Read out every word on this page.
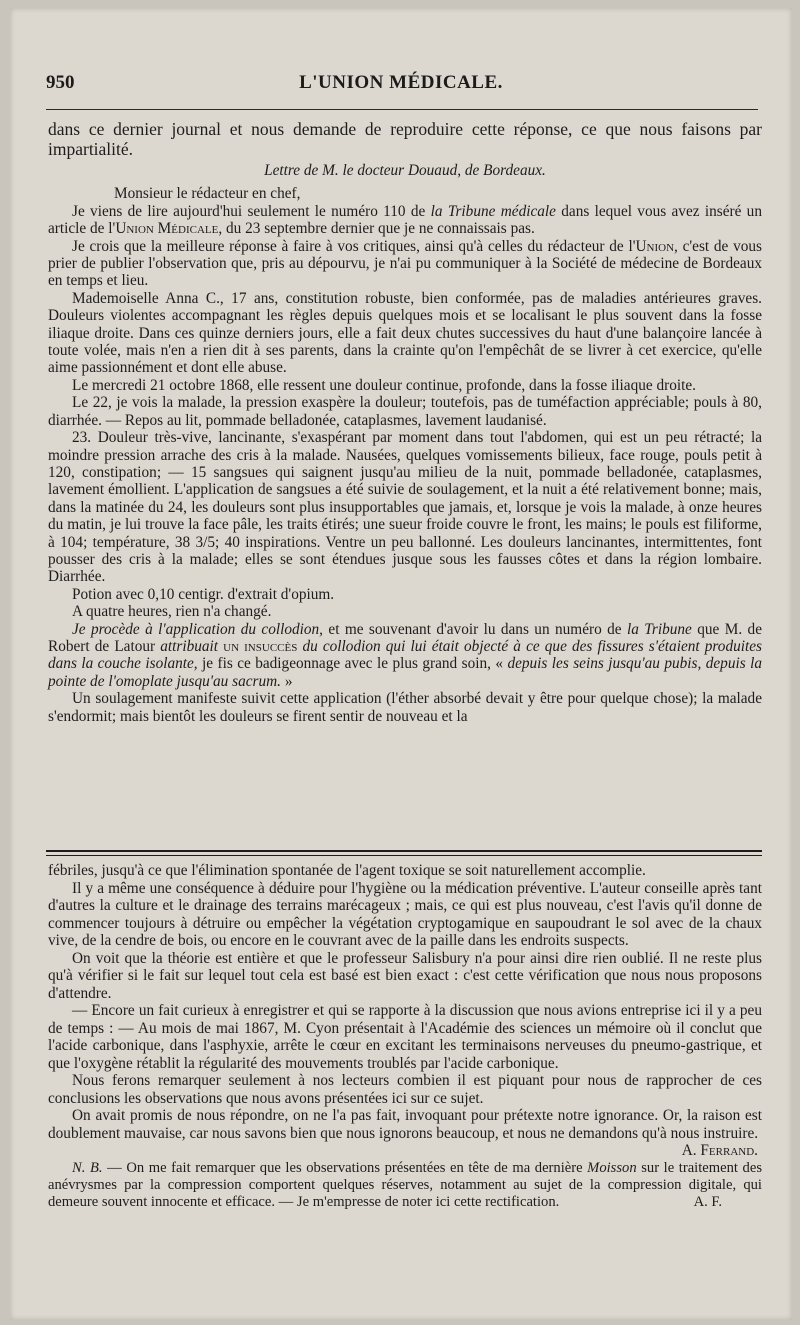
950	L'UNION MÉDICALE.

dans ce dernier journal et nous demande de reproduire cette réponse, ce que nous faisons par impartialité.

Lettre de M. le docteur Douaud, de Bordeaux.

Monsieur le rédacteur en chef,

Je viens de lire aujourd'hui seulement le numéro 110 de la Tribune médicale dans lequel vous avez inséré un article de l'Union Médicale, du 23 septembre dernier que je ne connaissais pas.

Je crois que la meilleure réponse à faire à vos critiques, ainsi qu'à celles du rédacteur de l'Union, c'est de vous prier de publier l'observation que, pris au dépourvu, je n'ai pu communiquer à la Société de médecine de Bordeaux en temps et lieu.

Mademoiselle Anna C., 17 ans, constitution robuste, bien conformée, pas de maladies antérieures graves. Douleurs violentes accompagnant les règles depuis quelques mois et se localisant le plus souvent dans la fosse iliaque droite. Dans ces quinze derniers jours, elle a fait deux chutes successives du haut d'une balançoire lancée à toute volée, mais n'en a rien dit à ses parents, dans la crainte qu'on l'empêchât de se livrer à cet exercice, qu'elle aime passionnément et dont elle abuse.

Le mercredi 21 octobre 1868, elle ressent une douleur continue, profonde, dans la fosse iliaque droite.

Le 22, je vois la malade, la pression exaspère la douleur; toutefois, pas de tuméfaction appréciable; pouls à 80, diarrhée. — Repos au lit, pommade belladonée, cataplasmes, lavement laudanisé.

23. Douleur très-vive, lancinante, s'exaspérant par moment dans tout l'abdomen, qui est un peu rétracté; la moindre pression arrache des cris à la malade. Nausées, quelques vomissements bilieux, face rouge, pouls petit à 120, constipation; — 15 sangsues qui saignent jusqu'au milieu de la nuit, pommade belladonée, cataplasmes, lavement émollient. L'application de sangsues a été suivie de soulagement, et la nuit a été relativement bonne; mais, dans la matinée du 24, les douleurs sont plus insupportables que jamais, et, lorsque je vois la malade, à onze heures du matin, je lui trouve la face pâle, les traits étirés; une sueur froide couvre le front, les mains; le pouls est filiforme, à 104; température, 38 3/5; 40 inspirations. Ventre un peu ballonné. Les douleurs lancinantes, intermittentes, font pousser des cris à la malade; elles se sont étendues jusque sous les fausses côtes et dans la région lombaire. Diarrhée.

Potion avec 0,10 centigr. d'extrait d'opium.

A quatre heures, rien n'a changé.

Je procède à l'application du collodion, et me souvenant d'avoir lu dans un numéro de la Tribune que M. de Robert de Latour attribuait un insuccès du collodion qui lui était objecté à ce que des fissures s'étaient produites dans la couche isolante, je fis ce badigeonnage avec le plus grand soin, « depuis les seins jusqu'au pubis, depuis la pointe de l'omoplate jusqu'au sacrum. »

Un soulagement manifeste suivit cette application (l'éther absorbé devait y être pour quelque chose); la malade s'endormit; mais bientôt les douleurs se firent sentir de nouveau et la

fébriles, jusqu'à ce que l'élimination spontanée de l'agent toxique se soit naturellement accomplie.

Il y a même une conséquence à déduire pour l'hygiène ou la médication préventive. L'auteur conseille après tant d'autres la culture et le drainage des terrains marécageux ; mais, ce qui est plus nouveau, c'est l'avis qu'il donne de commencer toujours à détruire ou empêcher la végétation cryptogamique en saupoudrant le sol avec de la chaux vive, de la cendre de bois, ou encore en le couvrant avec de la paille dans les endroits suspects.

On voit que la théorie est entière et que le professeur Salisbury n'a pour ainsi dire rien oublié. Il ne reste plus qu'à vérifier si le fait sur lequel tout cela est basé est bien exact : c'est cette vérification que nous nous proposons d'attendre.

— Encore un fait curieux à enregistrer et qui se rapporte à la discussion que nous avions entreprise ici il y a peu de temps : — Au mois de mai 1867, M. Cyon présentait à l'Académie des sciences un mémoire où il conclut que l'acide carbonique, dans l'asphyxie, arrête le cœur en excitant les terminaisons nerveuses du pneumo-gastrique, et que l'oxygène rétablit la régularité des mouvements troublés par l'acide carbonique.

Nous ferons remarquer seulement à nos lecteurs combien il est piquant pour nous de rapprocher de ces conclusions les observations que nous avons présentées ici sur ce sujet.

On avait promis de nous répondre, on ne l'a pas fait, invoquant pour prétexte notre ignorance. Or, la raison est doublement mauvaise, car nous savons bien que nous ignorons beaucoup, et nous ne demandons qu'à nous instruire.

A. Ferrand.

N. B. — On me fait remarquer que les observations présentées en tête de ma dernière Moisson sur le traitement des anévrysmes par la compression comportent quelques réserves, notamment au sujet de la compression digitale, qui demeure souvent innocente et efficace. — Je m'empresse de noter ici cette rectification.	A. F.
